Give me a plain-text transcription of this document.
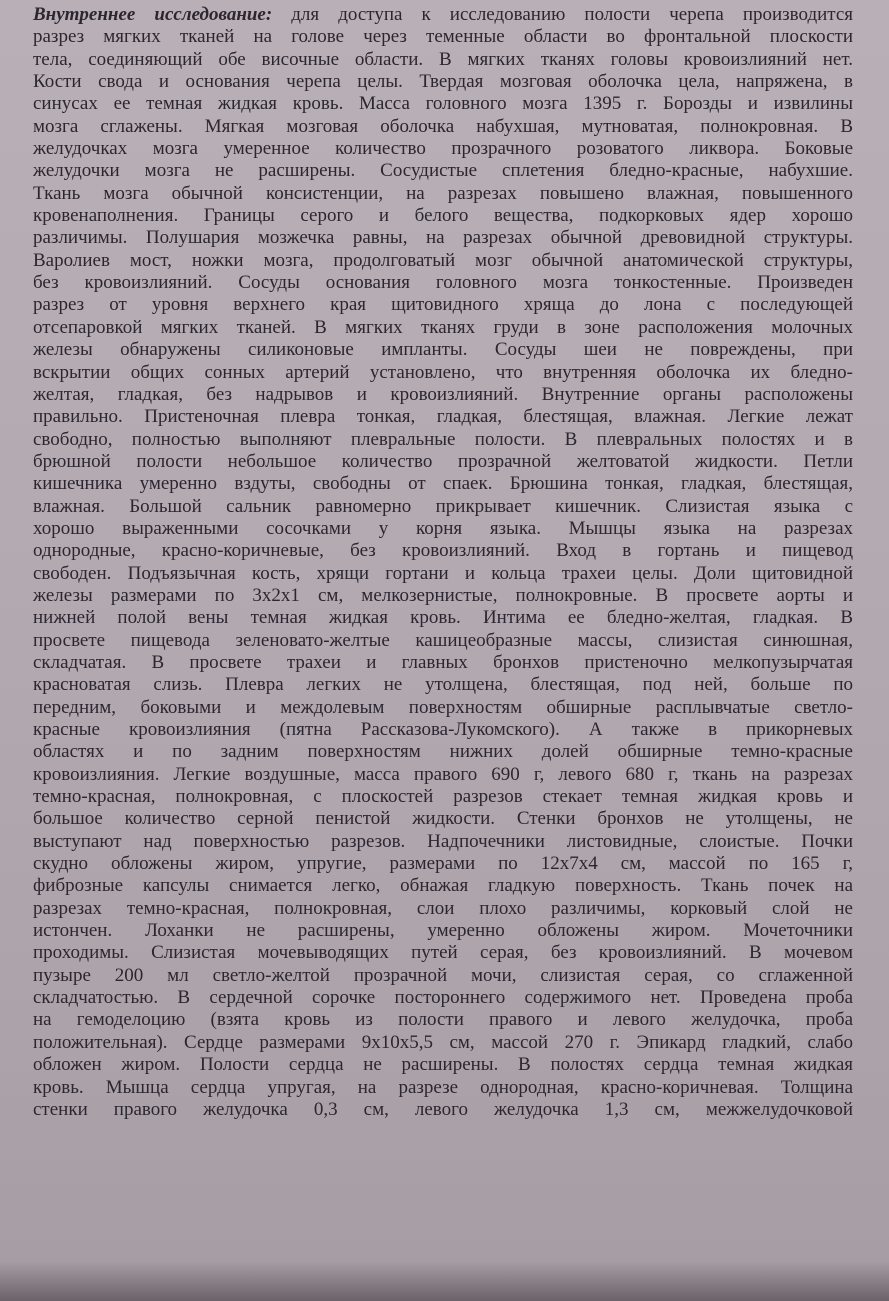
Внутреннее исследование: для доступа к исследованию полости черепа производится
разрез мягких тканей на голове через теменные области во фронтальной плоскости
тела, соединяющий обе височные области. В мягких тканях головы кровоизлияний нет.
Кости свода и основания черепа целы. Твердая мозговая оболочка цела, напряжена, в
синусах ее темная жидкая кровь. Масса головного мозга 1395 г. Борозды и извилины
мозга сглажены. Мягкая мозговая оболочка набухшая, мутноватая, полнокровная. В
желудочках мозга умеренное количество прозрачного розоватого ликвора. Боковые
желудочки мозга не расширены. Сосудистые сплетения бледно-красные, набухшие.
Ткань мозга обычной консистенции, на разрезах повышено влажная, повышенного
кровенаполнения. Границы серого и белого вещества, подкорковых ядер хорошо
различимы. Полушария мозжечка равны, на разрезах обычной древовидной структуры.
Варолиев мост, ножки мозга, продолговатый мозг обычной анатомической структуры,
без кровоизлияний. Сосуды основания головного мозга тонкостенные. Произведен
разрез от уровня верхнего края щитовидного хряща до лона с последующей
отсепаровкой мягких тканей. В мягких тканях груди в зоне расположения молочных
железы обнаружены силиконовые импланты. Сосуды шеи не повреждены, при
вскрытии общих сонных артерий установлено, что внутренняя оболочка их бледно-
желтая, гладкая, без надрывов и кровоизлияний. Внутренние органы расположены
правильно. Пристеночная плевра тонкая, гладкая, блестящая, влажная. Легкие лежат
свободно, полностью выполняют плевральные полости. В плевральных полостях и в
брюшной полости небольшое количество прозрачной желтоватой жидкости. Петли
кишечника умеренно вздуты, свободны от спаек. Брюшина тонкая, гладкая, блестящая,
влажная. Большой сальник равномерно прикрывает кишечник. Слизистая языка с
хорошо выраженными сосочками у корня языка. Мышцы языка на разрезах
однородные, красно-коричневые, без кровоизлияний. Вход в гортань и пищевод
свободен. Подъязычная кость, хрящи гортани и кольца трахеи целы. Доли щитовидной
железы размерами по 3х2х1 см, мелкозернистые, полнокровные. В просвете аорты и
нижней полой вены темная жидкая кровь. Интима ее бледно-желтая, гладкая. В
просвете пищевода зеленовато-желтые кашицеобразные массы, слизистая синюшная,
складчатая. В просвете трахеи и главных бронхов пристеночно мелкопузырчатая
красноватая слизь. Плевра легких не утолщена, блестящая, под ней, больше по
передним, боковыми и междолевым поверхностям обширные расплывчатые светло-
красные кровоизлияния (пятна Рассказова-Лукомского). А также в прикорневых
областях и по задним поверхностям нижних долей обширные темно-красные
кровоизлияния. Легкие воздушные, масса правого 690 г, левого 680 г, ткань на разрезах
темно-красная, полнокровная, с плоскостей разрезов стекает темная жидкая кровь и
большое количество серной пенистой жидкости. Стенки бронхов не утолщены, не
выступают над поверхностью разрезов. Надпочечники листовидные, слоистые. Почки
скудно обложены жиром, упругие, размерами по 12х7х4 см, массой по 165 г,
фиброзные капсулы снимается легко, обнажая гладкую поверхность. Ткань почек на
разрезах темно-красная, полнокровная, слои плохо различимы, корковый слой не
истончен. Лоханки не расширены, умеренно обложены жиром. Мочеточники
проходимы. Слизистая мочевыводящих путей серая, без кровоизлияний. В мочевом
пузыре 200 мл светло-желтой прозрачной мочи, слизистая серая, со сглаженной
складчатостью. В сердечной сорочке постороннего содержимого нет. Проведена проба
на гемоделоцию (взята кровь из полости правого и левого желудочка, проба
положительная). Сердце размерами 9х10х5,5 см, массой 270 г. Эпикард гладкий, слабо
обложен жиром. Полости сердца не расширены. В полостях сердца темная жидкая
кровь. Мышца сердца упругая, на разрезе однородная, красно-коричневая. Толщина
стенки правого желудочка 0,3 см, левого желудочка 1,3 см, межжелудочковой
